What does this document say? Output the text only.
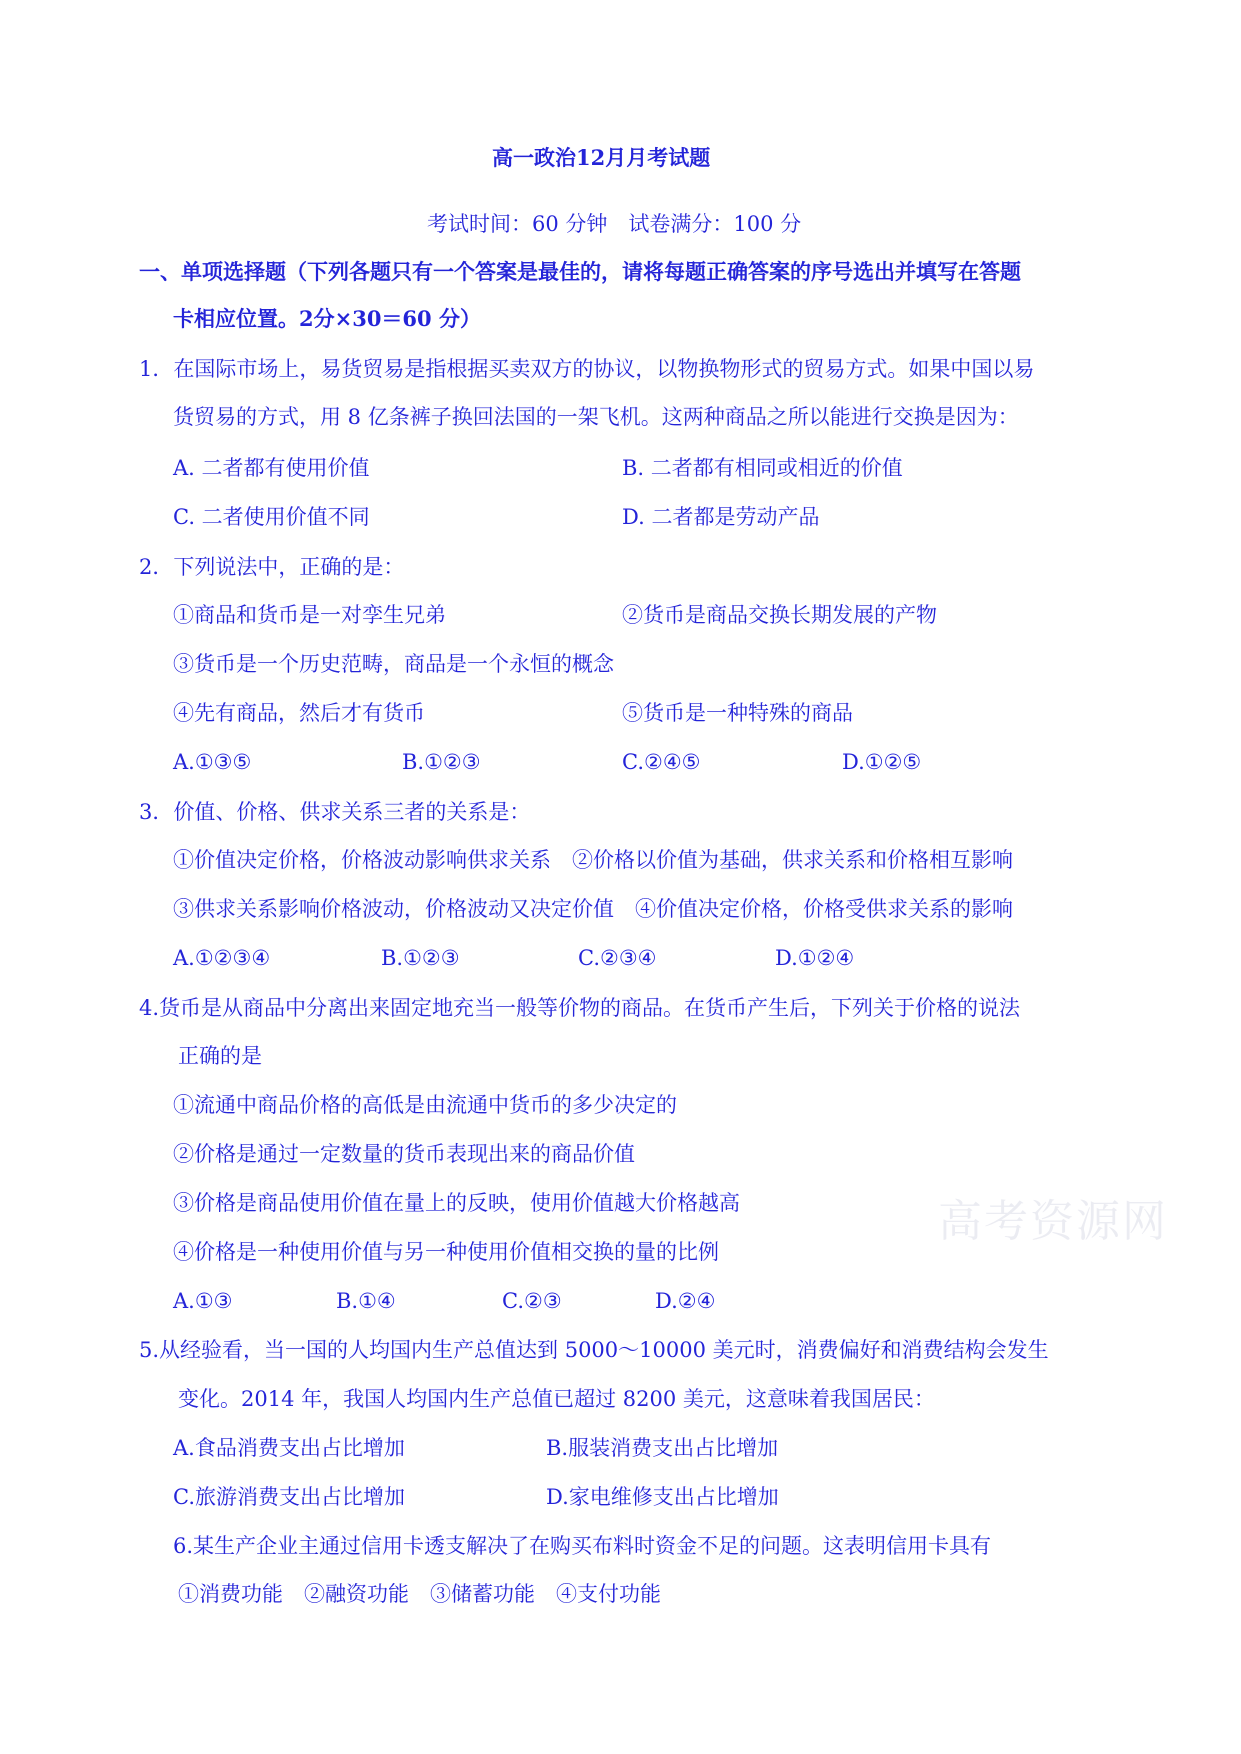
高一政治12月月考试题
考试时间：60 分钟　试卷满分：100 分
一、单项选择题（下列各题只有一个答案是最佳的，请将每题正确答案的序号选出并填写在答题
卡相应位置。2分×30＝60 分）
1．在国际市场上，易货贸易是指根据买卖双方的协议，以物换物形式的贸易方式。如果中国以易
货贸易的方式，用 8 亿条裤子换回法国的一架飞机。这两种商品之所以能进行交换是因为：
A. 二者都有使用价值	B. 二者都有相同或相近的价值
C. 二者使用价值不同	D. 二者都是劳动产品
2．下列说法中，正确的是：
①商品和货币是一对孪生兄弟	②货币是商品交换长期发展的产物
③货币是一个历史范畴，商品是一个永恒的概念
④先有商品，然后才有货币	⑤货币是一种特殊的商品
A.①③⑤	B.①②③	C.②④⑤	D.①②⑤
3．价值、价格、供求关系三者的关系是：
①价值决定价格，价格波动影响供求关系　②价格以价值为基础，供求关系和价格相互影响
③供求关系影响价格波动，价格波动又决定价值　④价值决定价格，价格受供求关系的影响
A.①②③④	B.①②③	C.②③④	D.①②④
4.货币是从商品中分离出来固定地充当一般等价物的商品。在货币产生后，下列关于价格的说法
正确的是
①流通中商品价格的高低是由流通中货币的多少决定的
②价格是通过一定数量的货币表现出来的商品价值
③价格是商品使用价值在量上的反映，使用价值越大价格越高
④价格是一种使用价值与另一种使用价值相交换的量的比例
A.①③	B.①④	C.②③	D.②④
5.从经验看，当一国的人均国内生产总值达到 5000～10000 美元时，消费偏好和消费结构会发生
变化。2014 年，我国人均国内生产总值已超过 8200 美元，这意味着我国居民：
A.食品消费支出占比增加	B.服装消费支出占比增加
C.旅游消费支出占比增加	D.家电维修支出占比增加
6.某生产企业主通过信用卡透支解决了在购买布料时资金不足的问题。这表明信用卡具有
①消费功能　②融资功能　③储蓄功能　④支付功能
高考资源网
